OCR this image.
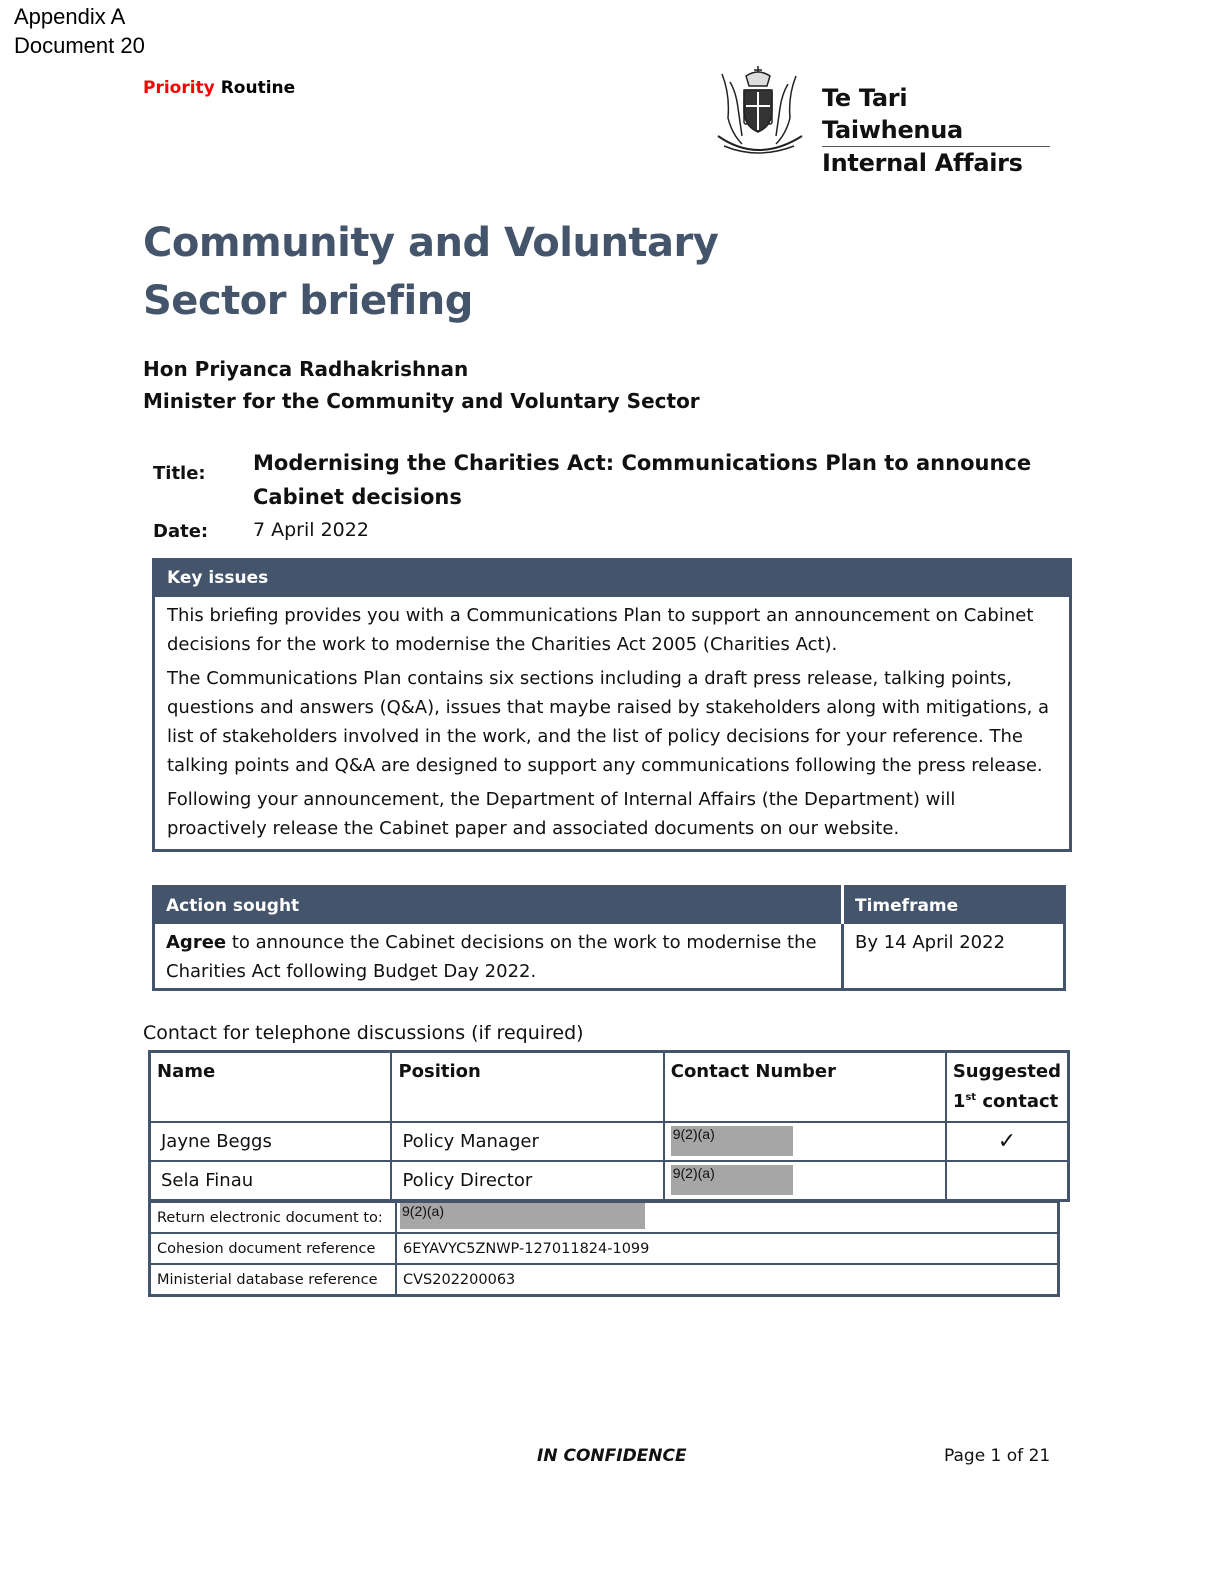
Appendix A
Document 20
Priority Routine	Te Tari Taiwhenua
Internal Affairs
Community and Voluntary
Sector briefing
Hon Priyanca Radhakrishnan
Minister for the Community and Voluntary Sector
Title: Modernising the Charities Act: Communications Plan to announce Cabinet decisions
Date: 7 April 2022
Key issues

This briefing provides you with a Communications Plan to support an announcement on Cabinet decisions for the work to modernise the Charities Act 2005 (Charities Act).

The Communications Plan contains six sections including a draft press release, talking points, questions and answers (Q&A), issues that maybe raised by stakeholders along with mitigations, a list of stakeholders involved in the work, and the list of policy decisions for your reference. The talking points and Q&A are designed to support any communications following the press release.

Following your announcement, the Department of Internal Affairs (the Department) will proactively release the Cabinet paper and associated documents on our website.

Action sought	Timeframe
Agree to announce the Cabinet decisions on the work to modernise the Charities Act following Budget Day 2022.	By 14 April 2022
Contact for telephone discussions (if required)
Name	Position	Contact Number	Suggested
1st contact
Jayne Beggs	Policy Manager	9(2)(a)	✓
Sela Finau	Policy Director	9(2)(a)	
Return electronic document to:	9(2)(a)
Cohesion document reference	6EYAVYC5ZNWP-127011824-1099
Ministerial database reference	CVS202200063
IN CONFIDENCE	Page 1 of 21
